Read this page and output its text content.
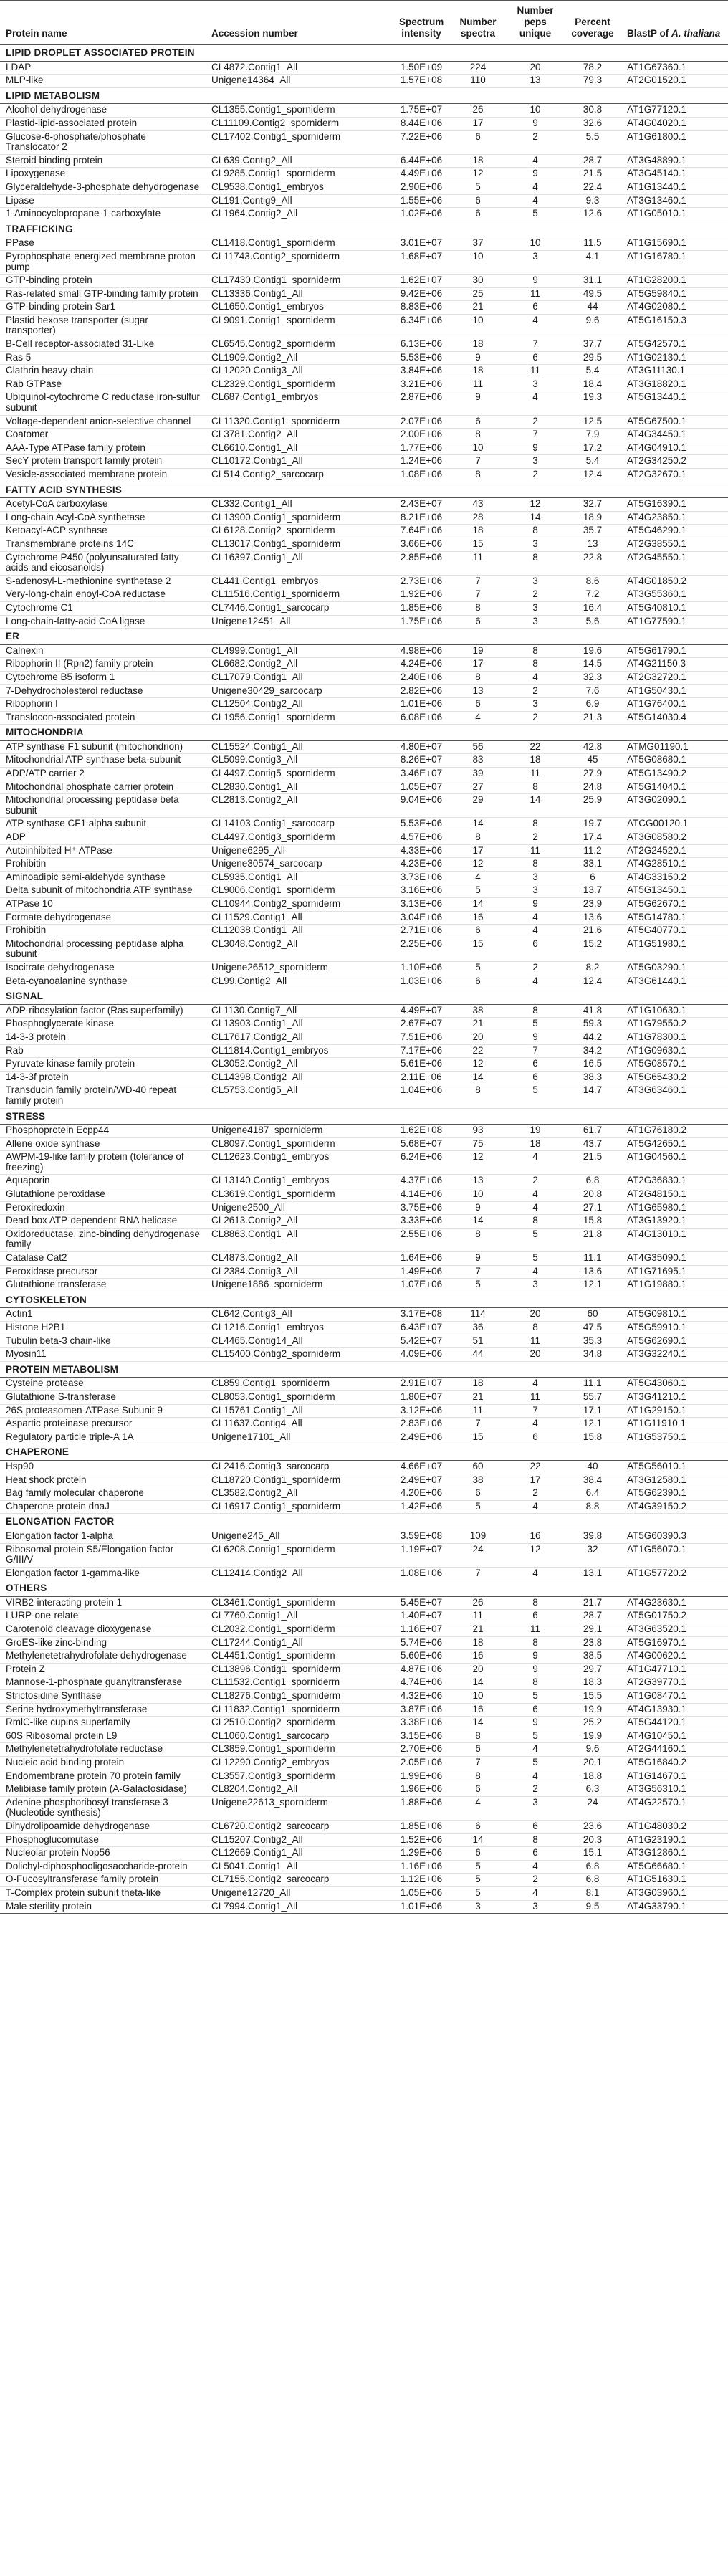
Protein name	Accession number	Spectrum intensity	Number spectra	Number peps unique	Percent coverage	BlastP of A. thaliana
LIPID DROPLET ASSOCIATED PROTEIN						
LDAP	CL4872.Contig1_All	1.50E+09	224	20	78.2	AT1G67360.1
MLP-like	Unigene14364_All	1.57E+08	110	13	79.3	AT2G01520.1
LIPID METABOLISM						
Alcohol dehydrogenase	CL1355.Contig1_sporniderm	1.75E+07	26	10	30.8	AT1G77120.1
Plastid-lipid-associated protein	CL11109.Contig2_sporniderm	8.44E+06	17	9	32.6	AT4G04020.1
Glucose-6-phosphate/phosphate Translocator 2	CL17402.Contig1_sporniderm	7.22E+06	6	2	5.5	AT1G61800.1
Steroid binding protein	CL639.Contig2_All	6.44E+06	18	4	28.7	AT3G48890.1
Lipoxygenase	CL9285.Contig1_sporniderm	4.49E+06	12	9	21.5	AT3G45140.1
Glyceraldehyde-3-phosphate dehydrogenase	CL9538.Contig1_embryos	2.90E+06	5	4	22.4	AT1G13440.1
Lipase	CL191.Contig9_All	1.55E+06	6	4	9.3	AT3G13460.1
1-Aminocyclopropane-1-carboxylate	CL1964.Contig2_All	1.02E+06	6	5	12.6	AT1G05010.1
TRAFFICKING						
PPase	CL1418.Contig1_sporniderm	3.01E+07	37	10	11.5	AT1G15690.1
Pyrophosphate-energized membrane proton pump	CL11743.Contig2_sporniderm	1.68E+07	10	3	4.1	AT1G16780.1
GTP-binding protein	CL17430.Contig1_sporniderm	1.62E+07	30	9	31.1	AT1G28200.1
Ras-related small GTP-binding family protein	CL13336.Contig1_All	9.42E+06	25	11	49.5	AT5G59840.1
GTP-binding protein Sar1	CL1650.Contig1_embryos	8.83E+06	21	6	44	AT4G02080.1
Plastid hexose transporter (sugar transporter)	CL9091.Contig1_sporniderm	6.34E+06	10	4	9.6	AT5G16150.3
B-Cell receptor-associated 31-Like	CL6545.Contig2_sporniderm	6.13E+06	18	7	37.7	AT5G42570.1
Ras 5	CL1909.Contig2_All	5.53E+06	9	6	29.5	AT1G02130.1
Clathrin heavy chain	CL12020.Contig3_All	3.84E+06	18	11	5.4	AT3G11130.1
Rab GTPase	CL2329.Contig1_sporniderm	3.21E+06	11	3	18.4	AT3G18820.1
Ubiquinol-cytochrome C reductase iron-sulfur subunit	CL687.Contig1_embryos	2.87E+06	9	4	19.3	AT5G13440.1
Voltage-dependent anion-selective channel	CL11320.Contig1_sporniderm	2.07E+06	6	2	12.5	AT5G67500.1
Coatomer	CL3781.Contig2_All	2.00E+06	8	7	7.9	AT4G34450.1
AAA-Type ATPase family protein	CL6610.Contig1_All	1.77E+06	10	9	17.2	AT4G04910.1
SecY protein transport family protein	CL10172.Contig1_All	1.24E+06	7	3	5.4	AT2G34250.2
Vesicle-associated membrane protein	CL514.Contig2_sarcocarp	1.08E+06	8	2	12.4	AT2G32670.1
FATTY ACID SYNTHESIS						
Acetyl-CoA carboxylase	CL332.Contig1_All	2.43E+07	43	12	32.7	AT5G16390.1
Long-chain Acyl-CoA synthetase	CL13900.Contig1_sporniderm	8.21E+06	28	14	18.9	AT4G23850.1
Ketoacyl-ACP synthase	CL6128.Contig2_sporniderm	7.64E+06	18	8	35.7	AT5G46290.1
Transmembrane proteins 14C	CL13017.Contig1_sporniderm	3.66E+06	15	3	13	AT2G38550.1
Cytochrome P450 (polyunsaturated fatty acids and eicosanoids)	CL16397.Contig1_All	2.85E+06	11	8	22.8	AT2G45550.1
S-adenosyl-L-methionine synthetase 2	CL441.Contig1_embryos	2.73E+06	7	3	8.6	AT4G01850.2
Very-long-chain enoyl-CoA reductase	CL11516.Contig1_sporniderm	1.92E+06	7	2	7.2	AT3G55360.1
Cytochrome C1	CL7446.Contig1_sarcocarp	1.85E+06	8	3	16.4	AT5G40810.1
Long-chain-fatty-acid CoA ligase	Unigene12451_All	1.75E+06	6	3	5.6	AT1G77590.1
ER						
Calnexin	CL4999.Contig1_All	4.98E+06	19	8	19.6	AT5G61790.1
Ribophorin II (Rpn2) family protein	CL6682.Contig2_All	4.24E+06	17	8	14.5	AT4G21150.3
Cytochrome B5 isoform 1	CL17079.Contig1_All	2.40E+06	8	4	32.3	AT2G32720.1
7-Dehydrocholesterol reductase	Unigene30429_sarcocarp	2.82E+06	13	2	7.6	AT1G50430.1
Ribophorin I	CL12504.Contig2_All	1.01E+06	6	3	6.9	AT1G76400.1
Translocon-associated protein	CL1956.Contig1_sporniderm	6.08E+06	4	2	21.3	AT5G14030.4
MITOCHONDRIA						
ATP synthase F1 subunit (mitochondrion)	CL15524.Contig1_All	4.80E+07	56	22	42.8	ATMG01190.1
Mitochondrial ATP synthase beta-subunit	CL5099.Contig3_All	8.26E+07	83	18	45	AT5G08680.1
ADP/ATP carrier 2	CL4497.Contig5_sporniderm	3.46E+07	39	11	27.9	AT5G13490.2
Mitochondrial phosphate carrier protein	CL2830.Contig1_All	1.05E+07	27	8	24.8	AT5G14040.1
Mitochondrial processing peptidase beta subunit	CL2813.Contig2_All	9.04E+06	29	14	25.9	AT3G02090.1
ATP synthase CF1 alpha subunit	CL14103.Contig1_sarcocarp	5.53E+06	14	8	19.7	ATCG00120.1
ADP	CL4497.Contig3_sporniderm	4.57E+06	8	2	17.4	AT3G08580.2
Autoinhibited H⁺ ATPase	Unigene6295_All	4.33E+06	17	11	11.2	AT2G24520.1
Prohibitin	Unigene30574_sarcocarp	4.23E+06	12	8	33.1	AT4G28510.1
Aminoadipic semi-aldehyde synthase	CL5935.Contig1_All	3.73E+06	4	3	6	AT4G33150.2
Delta subunit of mitochondria ATP synthase	CL9006.Contig1_sporniderm	3.16E+06	5	3	13.7	AT5G13450.1
ATPase 10	CL10944.Contig2_sporniderm	3.13E+06	14	9	23.9	AT5G62670.1
Formate dehydrogenase	CL11529.Contig1_All	3.04E+06	16	4	13.6	AT5G14780.1
Prohibitin	CL12038.Contig1_All	2.71E+06	6	4	21.6	AT5G40770.1
Mitochondrial processing peptidase alpha subunit	CL3048.Contig2_All	2.25E+06	15	6	15.2	AT1G51980.1
Isocitrate dehydrogenase	Unigene26512_sporniderm	1.10E+06	5	2	8.2	AT5G03290.1
Beta-cyanoalanine synthase	CL99.Contig2_All	1.03E+06	6	4	12.4	AT3G61440.1
SIGNAL						
ADP-ribosylation factor (Ras superfamily)	CL1130.Contig7_All	4.49E+07	38	8	41.8	AT1G10630.1
Phosphoglycerate kinase	CL13903.Contig1_All	2.67E+07	21	5	59.3	AT1G79550.2
14-3-3 protein	CL17617.Contig2_All	7.51E+06	20	9	44.2	AT1G78300.1
Rab	CL11814.Contig1_embryos	7.17E+06	22	7	34.2	AT1G09630.1
Pyruvate kinase family protein	CL3052.Contig2_All	5.61E+06	12	6	16.5	AT5G08570.1
14-3-3f protein	CL14398.Contig2_All	2.11E+06	14	6	38.3	AT5G65430.2
Transducin family protein/WD-40 repeat family protein	CL5753.Contig5_All	1.04E+06	8	5	14.7	AT3G63460.1
STRESS						
Phosphoprotein Ecpp44	Unigene4187_sporniderm	1.62E+08	93	19	61.7	AT1G76180.2
Allene oxide synthase	CL8097.Contig1_sporniderm	5.68E+07	75	18	43.7	AT5G42650.1
AWPM-19-like family protein (tolerance of freezing)	CL12623.Contig1_embryos	6.24E+06	12	4	21.5	AT1G04560.1
Aquaporin	CL13140.Contig1_embryos	4.37E+06	13	2	6.8	AT2G36830.1
Glutathione peroxidase	CL3619.Contig1_sporniderm	4.14E+06	10	4	20.8	AT2G48150.1
Peroxiredoxin	Unigene2500_All	3.75E+06	9	4	27.1	AT1G65980.1
Dead box ATP-dependent RNA helicase	CL2613.Contig2_All	3.33E+06	14	8	15.8	AT3G13920.1
Oxidoreductase, zinc-binding dehydrogenase family	CL8863.Contig1_All	2.55E+06	8	5	21.8	AT4G13010.1
Catalase Cat2	CL4873.Contig2_All	1.64E+06	9	5	11.1	AT4G35090.1
Peroxidase precursor	CL2384.Contig3_All	1.49E+06	7	4	13.6	AT1G71695.1
Glutathione transferase	Unigene1886_sporniderm	1.07E+06	5	3	12.1	AT1G19880.1
CYTOSKELETON						
Actin1	CL642.Contig3_All	3.17E+08	114	20	60	AT5G09810.1
Histone H2B1	CL1216.Contig1_embryos	6.43E+07	36	8	47.5	AT5G59910.1
Tubulin beta-3 chain-like	CL4465.Contig14_All	5.42E+07	51	11	35.3	AT5G62690.1
Myosin11	CL15400.Contig2_sporniderm	4.09E+06	44	20	34.8	AT3G32240.1
PROTEIN METABOLISM						
Cysteine protease	CL859.Contig1_sporniderm	2.91E+07	18	4	11.1	AT5G43060.1
Glutathione S-transferase	CL8053.Contig1_sporniderm	1.80E+07	21	11	55.7	AT3G41210.1
26S proteasomen-ATPase Subunit 9	CL15761.Contig1_All	3.12E+06	11	7	17.1	AT1G29150.1
Aspartic proteinase precursor	CL11637.Contig4_All	2.83E+06	7	4	12.1	AT1G11910.1
Regulatory particle triple-A 1A	Unigene17101_All	2.49E+06	15	6	15.8	AT1G53750.1
CHAPERONE						
Hsp90	CL2416.Contig3_sarcocarp	4.66E+07	60	22	40	AT5G56010.1
Heat shock protein	CL18720.Contig1_sporniderm	2.49E+07	38	17	38.4	AT3G12580.1
Bag family molecular chaperone	CL3582.Contig2_All	4.20E+06	6	2	6.4	AT5G62390.1
Chaperone protein dnaJ	CL16917.Contig1_sporniderm	1.42E+06	5	4	8.8	AT4G39150.2
ELONGATION FACTOR						
Elongation factor 1-alpha	Unigene245_All	3.59E+08	109	16	39.8	AT5G60390.3
Ribosomal protein S5/Elongation factor G/III/V	CL6208.Contig1_sporniderm	1.19E+07	24	12	32	AT1G56070.1
Elongation factor 1-gamma-like	CL12414.Contig2_All	1.08E+06	7	4	13.1	AT1G57720.2
OTHERS						
VIRB2-interacting protein 1	CL3461.Contig1_sporniderm	5.45E+07	26	8	21.7	AT4G23630.1
LURP-one-relate	CL7760.Contig1_All	1.40E+07	11	6	28.7	AT5G01750.2
Carotenoid cleavage dioxygenase	CL2032.Contig1_sporniderm	1.16E+07	21	11	29.1	AT3G63520.1
GroES-like zinc-binding	CL17244.Contig1_All	5.74E+06	18	8	23.8	AT5G16970.1
Methylenetetrahydrofolate dehydrogenase	CL4451.Contig1_sporniderm	5.60E+06	16	9	38.5	AT4G00620.1
Protein Z	CL13896.Contig1_sporniderm	4.87E+06	20	9	29.7	AT1G47710.1
Mannose-1-phosphate guanyltransferase	CL11532.Contig1_sporniderm	4.74E+06	14	8	18.3	AT2G39770.1
Strictosidine Synthase	CL18276.Contig1_sporniderm	4.32E+06	10	5	15.5	AT1G08470.1
Serine hydroxymethyltransferase	CL11832.Contig1_sporniderm	3.87E+06	16	6	19.9	AT4G13930.1
RmlC-like cupins superfamily	CL2510.Contig2_sporniderm	3.38E+06	14	9	25.2	AT5G44120.1
60S Ribosomal protein L9	CL1060.Contig1_sarcocarp	3.15E+06	8	5	19.9	AT4G10450.1
Methylenetetrahydrofolate reductase	CL3859.Contig1_sporniderm	2.70E+06	6	4	9.6	AT2G44160.1
Nucleic acid binding protein	CL12290.Contig2_embryos	2.05E+06	7	5	20.1	AT5G16840.2
Endomembrane protein 70 protein family	CL3557.Contig3_sporniderm	1.99E+06	8	4	18.8	AT1G14670.1
Melibiase family protein (A-Galactosidase)	CL8204.Contig2_All	1.96E+06	6	2	6.3	AT3G56310.1
Adenine phosphoribosyl transferase 3 (Nucleotide synthesis)	Unigene22613_sporniderm	1.88E+06	4	3	24	AT4G22570.1
Dihydrolipoamide dehydrogenase	CL6720.Contig2_sarcocarp	1.85E+06	6	6	23.6	AT1G48030.2
Phosphoglucomutase	CL15207.Contig2_All	1.52E+06	14	8	20.3	AT1G23190.1
Nucleolar protein Nop56	CL12669.Contig1_All	1.29E+06	6	6	15.1	AT3G12860.1
Dolichyl-diphosphooligosaccharide-protein	CL5041.Contig1_All	1.16E+06	5	4	6.8	AT5G66680.1
O-Fucosyltransferase family protein	CL7155.Contig2_sarcocarp	1.12E+06	5	2	6.8	AT1G51630.1
T-Complex protein subunit theta-like	Unigene12720_All	1.05E+06	5	4	8.1	AT3G03960.1
Male sterility protein	CL7994.Contig1_All	1.01E+06	3	3	9.5	AT4G33790.1
